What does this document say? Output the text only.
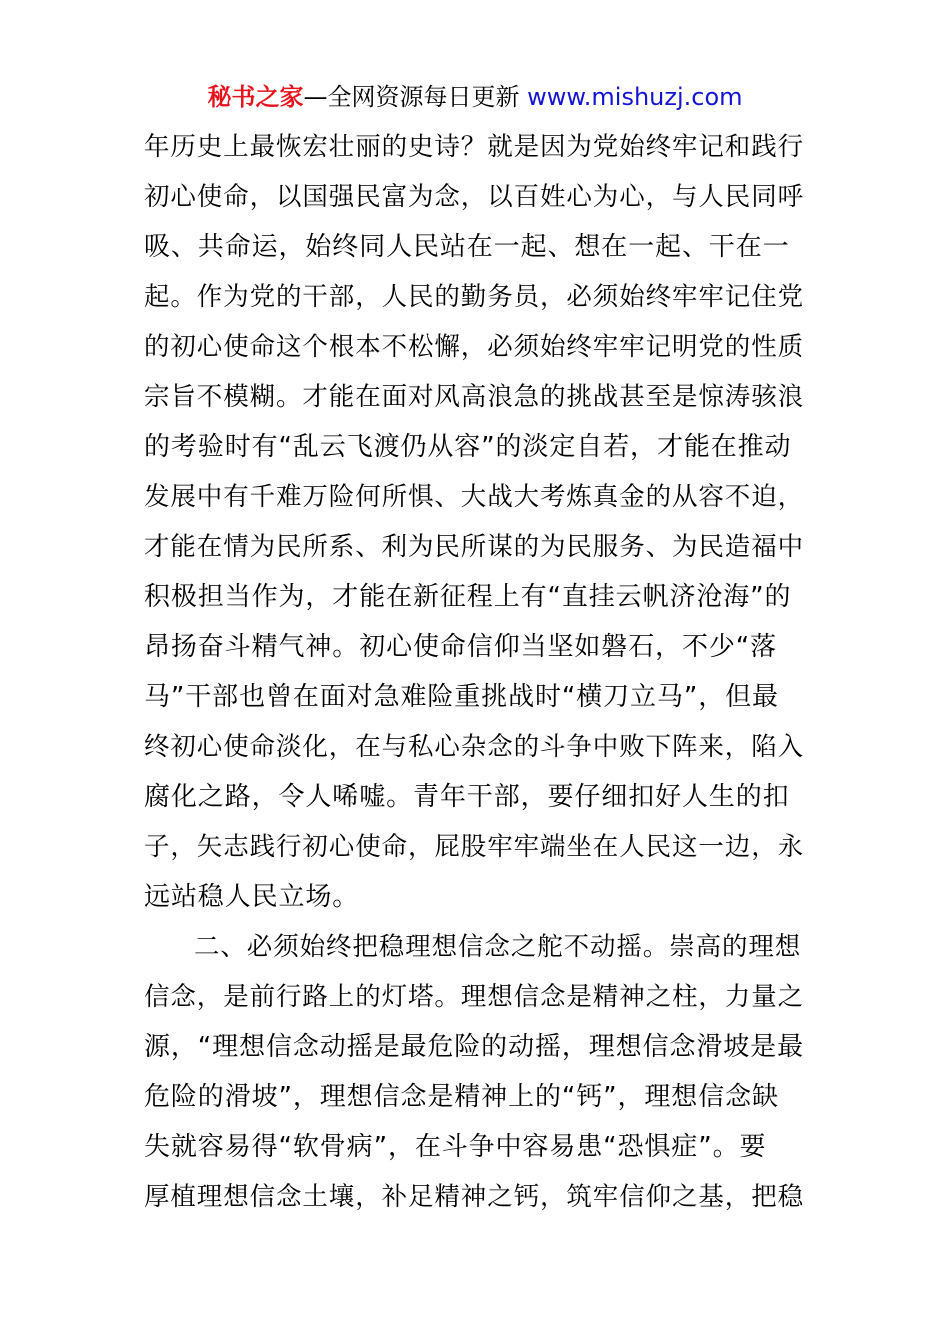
秘书之家—全网资源每日更新 www.mishuzj.com
年历史上最恢宏壮丽的史诗？就是因为党始终牢记和践行
初心使命，以国强民富为念，以百姓心为心，与人民同呼
吸、共命运，始终同人民站在一起、想在一起、干在一
起。作为党的干部，人民的勤务员，必须始终牢牢记住党
的初心使命这个根本不松懈，必须始终牢牢记明党的性质
宗旨不模糊。才能在面对风高浪急的挑战甚至是惊涛骇浪
的考验时有“乱云飞渡仍从容”的淡定自若，才能在推动
发展中有千难万险何所惧、大战大考炼真金的从容不迫，
才能在情为民所系、利为民所谋的为民服务、为民造福中
积极担当作为，才能在新征程上有“直挂云帆济沧海”的
昂扬奋斗精气神。初心使命信仰当坚如磐石，不少“落
马”干部也曾在面对急难险重挑战时“横刀立马”，但最
终初心使命淡化，在与私心杂念的斗争中败下阵来，陷入
腐化之路，令人唏嘘。青年干部，要仔细扣好人生的扣
子，矢志践行初心使命，屁股牢牢端坐在人民这一边，永
远站稳人民立场。
二、必须始终把稳理想信念之舵不动摇。崇高的理想
信念，是前行路上的灯塔。理想信念是精神之柱，力量之
源，“理想信念动摇是最危险的动摇，理想信念滑坡是最
危险的滑坡”，理想信念是精神上的“钙”，理想信念缺
失就容易得“软骨病”，在斗争中容易患“恐惧症”。要
厚植理想信念土壤，补足精神之钙，筑牢信仰之基，把稳
